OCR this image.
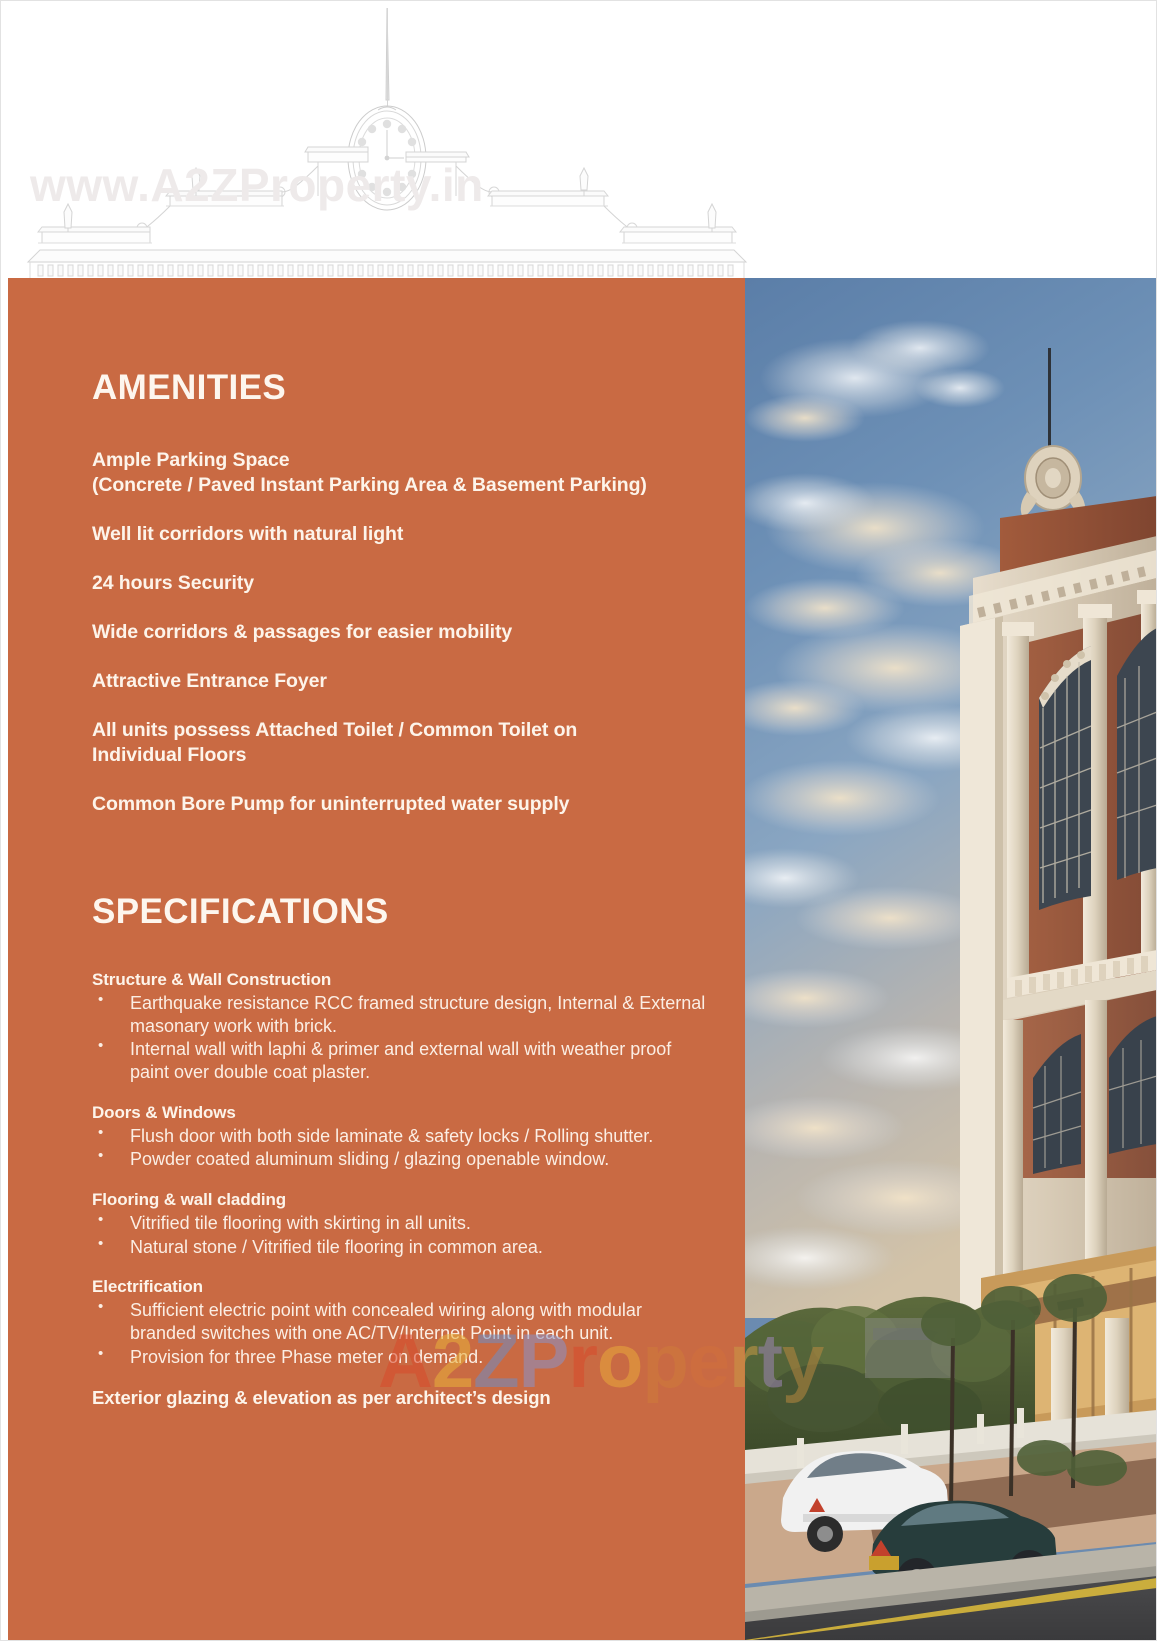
www.A2ZProperty.in
AMENITIES
Ample Parking Space
(Concrete / Paved Instant Parking Area & Basement Parking)
Well lit corridors with natural light
24 hours Security
Wide corridors & passages for easier mobility
Attractive Entrance Foyer
All units possess Attached Toilet / Common Toilet on
Individual Floors
Common Bore Pump for uninterrupted water supply
SPECIFICATIONS
Structure & Wall Construction
• Earthquake resistance RCC framed structure design, Internal & External masonary work with brick.
• Internal wall with laphi & primer and external wall with weather proof paint over double coat plaster.
Doors & Windows
• Flush door with both side laminate & safety locks / Rolling shutter.
• Powder coated aluminum sliding / glazing openable window.
Flooring & wall cladding
• Vitrified tile flooring with skirting in all units.
• Natural stone / Vitrified tile flooring in common area.
Electrification
• Sufficient electric point with concealed wiring along with modular branded switches with one AC/TV/Internet Point in each unit.
• Provision for three Phase meter on demand.
Exterior glazing & elevation as per architect’s design
A2ZProperty
